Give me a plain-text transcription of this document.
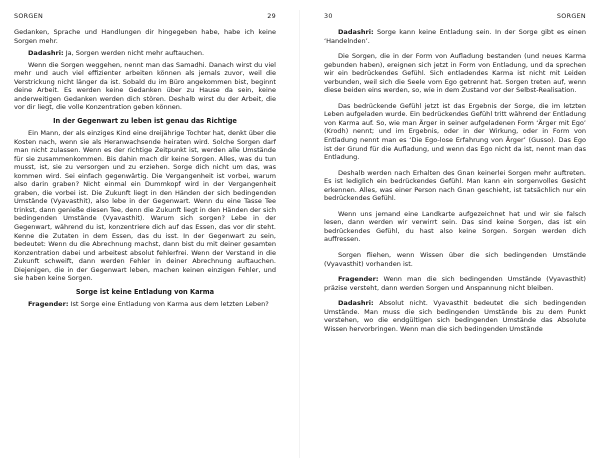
SORGEN	29

Gedanken, Sprache und Handlungen dir hingegeben habe, habe ich keine Sorgen mehr.

Dadashri: Ja, Sorgen werden nicht mehr auftauchen.

Wenn die Sorgen weggehen, nennt man das Samadhi. Danach wirst du viel mehr und auch viel effizienter arbeiten können als jemals zuvor, weil die Verstrickung nicht länger da ist. Sobald du im Büro angekommen bist, beginnt deine Arbeit. Es werden keine Gedanken über zu Hause da sein, keine anderweitigen Gedanken werden dich stören. Deshalb wirst du der Arbeit, die vor dir liegt, die volle Konzentration geben können.

In der Gegenwart zu leben ist genau das Richtige

Ein Mann, der als einziges Kind eine dreijährige Tochter hat, denkt über die Kosten nach, wenn sie als Heranwachsende heiraten wird. Solche Sorgen darf man nicht zulassen. Wenn es der richtige Zeitpunkt ist, werden alle Umstände für sie zusammenkommen. Bis dahin mach dir keine Sorgen. Alles, was du tun musst, ist, sie zu versorgen und zu erziehen. Sorge dich nicht um das, was kommen wird. Sei einfach gegenwärtig. Die Vergangenheit ist vorbei, warum also darin graben? Nicht einmal ein Dummkopf wird in der Vergangenheit graben, die vorbei ist. Die Zukunft liegt in den Händen der sich bedingenden Umstände (Vyavasthit), also lebe in der Gegenwart. Wenn du eine Tasse Tee trinkst, dann genieße diesen Tee, denn die Zukunft liegt in den Händen der sich bedingenden Umstände (Vyavasthit). Warum sich sorgen? Lebe in der Gegenwart, während du ist, konzentriere dich auf das Essen, das vor dir steht. Kenne die Zutaten in dem Essen, das du isst. In der Gegenwart zu sein, bedeutet: Wenn du die Abrechnung machst, dann bist du mit deiner gesamten Konzentration dabei und arbeitest absolut fehlerfrei. Wenn der Verstand in die Zukunft schweift, dann werden Fehler in deiner Abrechnung auftauchen. Diejenigen, die in der Gegenwart leben, machen keinen einzigen Fehler, und sie haben keine Sorgen.

Sorge ist keine Entladung von Karma

Fragender: Ist Sorge eine Entladung von Karma aus dem letzten Leben?

30	SORGEN

Dadashri: Sorge kann keine Entladung sein. In der Sorge gibt es einen ‘Handelnden’.

Die Sorgen, die in der Form von Aufladung bestanden (und neues Karma gebunden haben), ereignen sich jetzt in Form von Entladung, und da sprechen wir ein bedrückendes Gefühl. Sich entladendes Karma ist nicht mit Leiden verbunden, weil sich die Seele vom Ego getrennt hat. Sorgen treten auf, wenn diese beiden eins werden, so, wie in dem Zustand vor der Selbst-Realisation.

Das bedrückende Gefühl jetzt ist das Ergebnis der Sorge, die im letzten Leben aufgeladen wurde. Ein bedrückendes Gefühl tritt während der Entladung von Karma auf. So, wie man Ärger in seiner aufgeladenen Form ‘Ärger mit Ego’ (Krodh) nennt; und im Ergebnis, oder in der Wirkung, oder in Form von Entladung nennt man es ‘Die Ego-lose Erfahrung von Ärger’ (Gusso). Das Ego ist der Grund für die Aufladung, und wenn das Ego nicht da ist, nennt man das Entladung.

Deshalb werden nach Erhalten des Gnan keinerlei Sorgen mehr auftreten. Es ist lediglich ein bedrückendes Gefühl. Man kann ein sorgenvolles Gesicht erkennen. Alles, was einer Person nach Gnan geschieht, ist tatsächlich nur ein bedrückendes Gefühl.

Wenn uns jemand eine Landkarte aufgezeichnet hat und wir sie falsch lesen, dann werden wir verwirrt sein. Das sind keine Sorgen, das ist ein bedrückendes Gefühl, du hast also keine Sorgen. Sorgen werden dich auffressen.

Sorgen fliehen, wenn Wissen über die sich bedingenden Umstände (Vyavasthit) vorhanden ist.

Fragender: Wenn man die sich bedingenden Umstände (Vyavasthit) präzise versteht, dann werden Sorgen und Anspannung nicht bleiben.

Dadashri: Absolut nicht. Vyavasthit bedeutet die sich bedingenden Umstände. Man muss die sich bedingenden Umstände bis zu dem Punkt verstehen, wo die endgültigen sich bedingenden Umstände das Absolute Wissen hervorbringen. Wenn man die sich bedingenden Umstände
